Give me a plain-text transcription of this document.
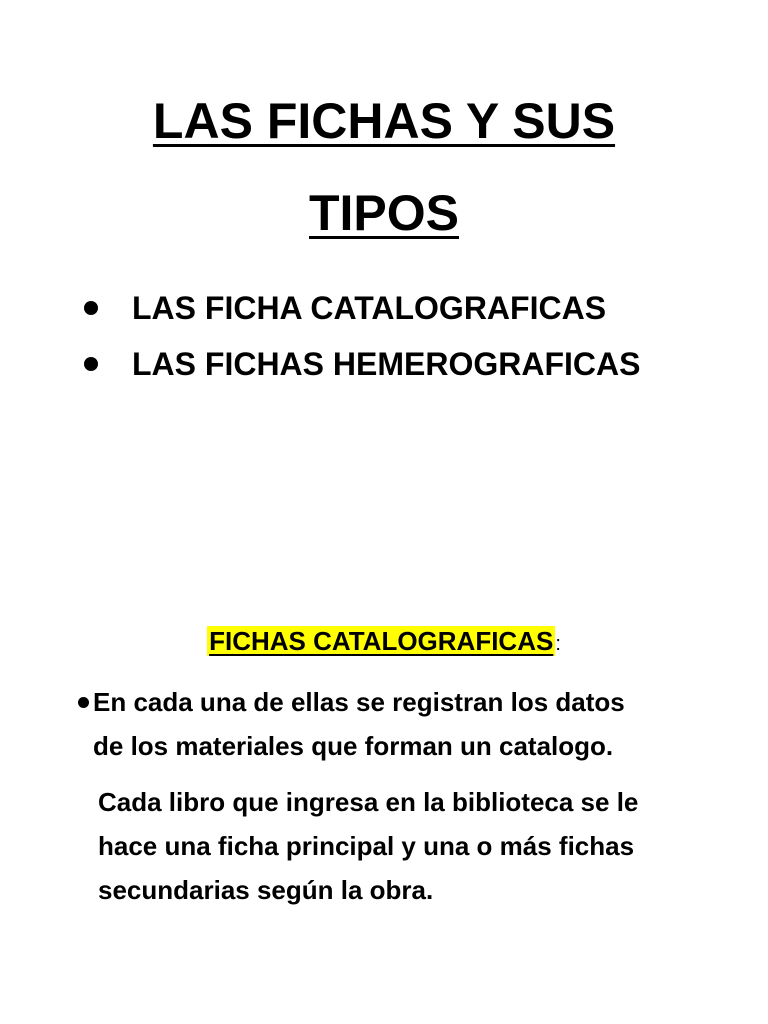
LAS FICHAS Y SUS
TIPOS
LAS FICHA CATALOGRAFICAS
LAS FICHAS HEMEROGRAFICAS
FICHAS CATALOGRAFICAS :
En cada una de ellas se registran los datos
de los materiales que forman un catalogo.
Cada libro que ingresa en la biblioteca se le
hace una ficha principal y una o más fichas
secundarias según la obra.
